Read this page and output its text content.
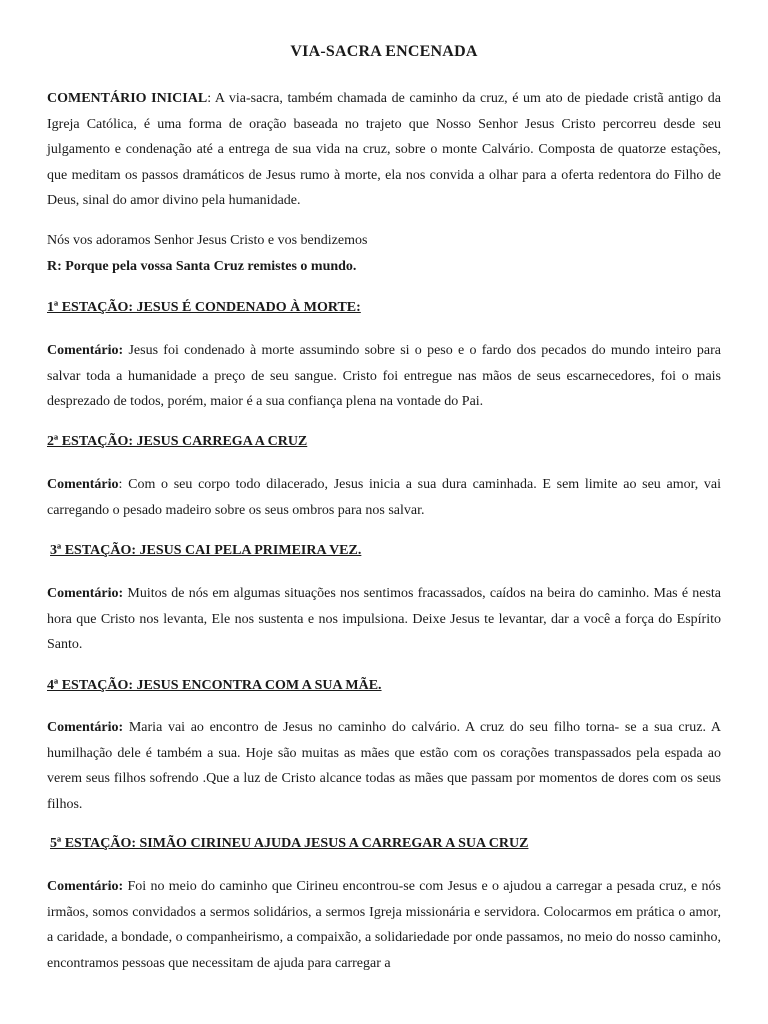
VIA-SACRA ENCENADA

COMENTÁRIO INICIAL: A via-sacra, também chamada de caminho da cruz, é um ato de piedade cristã antigo da Igreja Católica, é uma forma de oração baseada no trajeto que Nosso Senhor Jesus Cristo percorreu desde seu julgamento e condenação até a entrega de sua vida na cruz, sobre o monte Calvário. Composta de quatorze estações, que meditam os passos dramáticos de Jesus rumo à morte, ela nos convida a olhar para a oferta redentora do Filho de Deus, sinal do amor divino pela humanidade.

Nós vos adoramos Senhor Jesus Cristo e vos bendizemos

R: Porque pela vossa Santa Cruz remistes o mundo.

1ª ESTAÇÃO: JESUS É CONDENADO À MORTE:

Comentário: Jesus foi condenado à morte assumindo sobre si o peso e o fardo dos pecados do mundo inteiro para salvar toda a humanidade a preço de seu sangue. Cristo foi entregue nas mãos de seus escarnecedores, foi o mais desprezado de todos, porém, maior é a sua confiança plena na vontade do Pai.

2ª ESTAÇÃO: JESUS CARREGA A CRUZ

Comentário: Com o seu corpo todo dilacerado, Jesus inicia a sua dura caminhada. E sem limite ao seu amor, vai carregando o pesado madeiro sobre os seus ombros para nos salvar.

3ª ESTAÇÃO: JESUS CAI PELA PRIMEIRA VEZ.

Comentário: Muitos de nós em algumas situações nos sentimos fracassados, caídos na beira do caminho. Mas é nesta hora que Cristo nos levanta, Ele nos sustenta e nos impulsiona. Deixe Jesus te levantar, dar a você a força do Espírito Santo.

4ª ESTAÇÃO: JESUS ENCONTRA COM A SUA MÃE.

Comentário: Maria vai ao encontro de Jesus no caminho do calvário. A cruz do seu filho torna- se a sua cruz. A humilhação dele é também a sua. Hoje são muitas as mães que estão com os corações transpassados pela espada ao verem seus filhos sofrendo .Que a luz de Cristo alcance todas as mães que passam por momentos de dores com os seus filhos.

5ª ESTAÇÃO: SIMÃO CIRINEU AJUDA JESUS A CARREGAR A SUA CRUZ

Comentário: Foi no meio do caminho que Cirineu encontrou-se com Jesus e o ajudou a carregar a pesada cruz, e nós irmãos, somos convidados a sermos solidários, a sermos Igreja missionária e servidora. Colocarmos em prática o amor, a caridade, a bondade, o companheirismo, a compaixão, a solidariedade por onde passamos, no meio do nosso caminho, encontramos pessoas que necessitam de ajuda para carregar a
